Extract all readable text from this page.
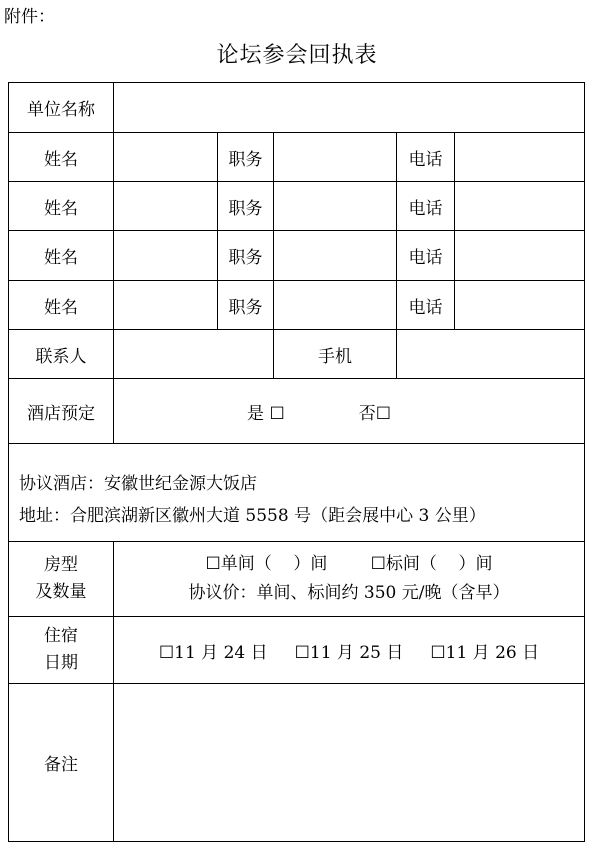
附件：
论坛参会回执表
单位名称
姓名	职务	电话
姓名	职务	电话
姓名	职务	电话
姓名	职务	电话
联系人	手机
酒店预定	是 ☐	否☐
协议酒店：安徽世纪金源大饭店
地址：合肥滨湖新区徽州大道 5558 号（距会展中心 3 公里）
房型
及数量
☐单间（    ）间	☐标间（    ）间
协议价：单间、标间约 350 元/晚（含早）
住宿
日期
☐11 月 24 日 ☐11 月 25 日 ☐11 月 26 日
备注
